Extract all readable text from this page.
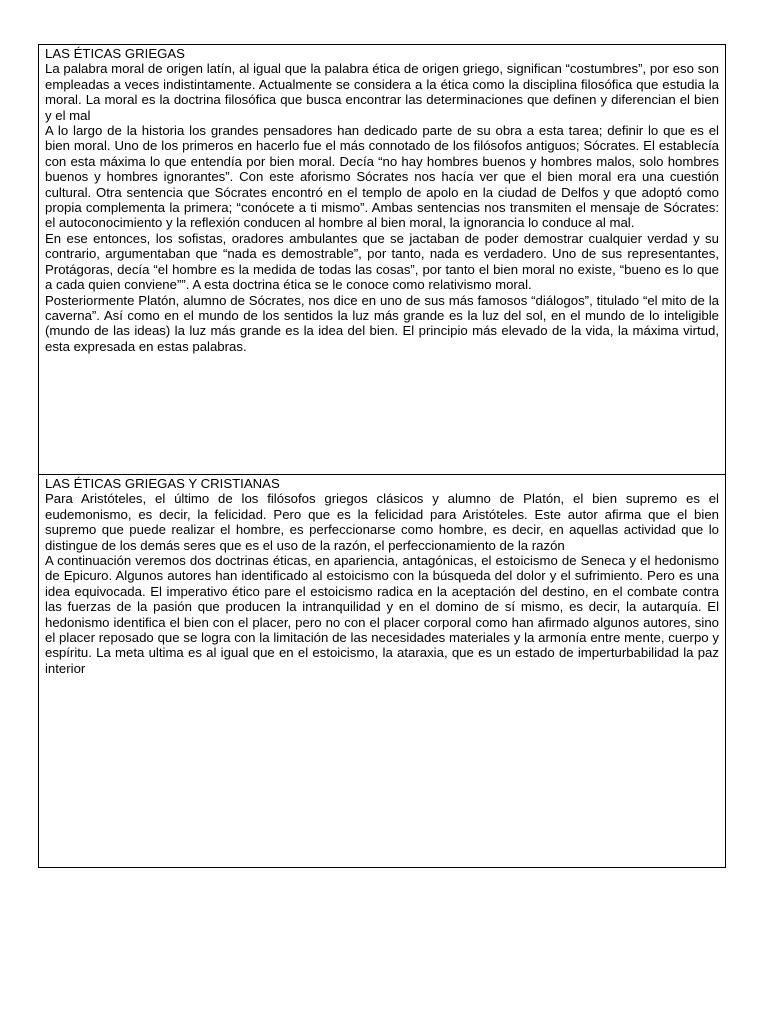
LAS ÉTICAS GRIEGAS

La palabra moral de origen latín, al igual que la palabra ética de origen griego, significan “costumbres”, por eso son empleadas a veces indistintamente. Actualmente se considera a la ética como la disciplina filosófica que estudia la moral. La moral es la doctrina filosófica que busca encontrar las determinaciones que definen y diferencian el bien y el mal

A lo largo de la historia los grandes pensadores han dedicado parte de su obra a esta tarea; definir lo que es el bien moral. Uno de los primeros en hacerlo fue el más connotado de los filósofos antiguos; Sócrates. El establecía con esta máxima lo que entendía por bien moral. Decía “no hay hombres buenos y hombres malos, solo hombres buenos y hombres ignorantes”. Con este aforismo Sócrates nos hacía ver que el bien moral era una cuestión cultural. Otra sentencia que Sócrates encontró en el templo de apolo en la ciudad de Delfos y que adoptó como propia complementa la primera; “conócete a ti mismo”. Ambas sentencias nos transmiten el mensaje de Sócrates: el autoconocimiento y la reflexión conducen al hombre al bien moral, la ignorancia lo conduce al mal.

En ese entonces, los sofistas, oradores ambulantes que se jactaban de poder demostrar cualquier verdad y su contrario, argumentaban que “nada es demostrable”, por tanto, nada es verdadero. Uno de sus representantes, Protágoras, decía “el hombre es la medida de todas las cosas”, por tanto el bien moral no existe, “bueno es lo que a cada quien conviene””. A esta doctrina ética se le conoce como relativismo moral.

Posteriormente Platón, alumno de Sócrates, nos dice en uno de sus más famosos “diálogos”, titulado “el mito de la caverna”. Así como en el mundo de los sentidos la luz más grande es la luz del sol, en el mundo de lo inteligible (mundo de las ideas) la luz más grande es la idea del bien. El principio más elevado de la vida, la máxima virtud, esta expresada en estas palabras.

LAS ÉTICAS GRIEGAS Y CRISTIANAS

Para Aristóteles, el último de los filósofos griegos clásicos y alumno de Platón, el bien supremo es el eudemonismo, es decir, la felicidad. Pero que es la felicidad para Aristóteles. Este autor afirma que el bien supremo que puede realizar el hombre, es perfeccionarse como hombre, es decir, en aquellas actividad que lo distingue de los demás seres que es el uso de la razón, el perfeccionamiento de la razón

A continuación veremos dos doctrinas éticas, en apariencia, antagónicas, el estoicismo de Seneca y el hedonismo de Epicuro. Algunos autores han identificado al estoicismo con la búsqueda del dolor y el sufrimiento. Pero es una idea equivocada. El imperativo ético pare el estoicismo radica en la aceptación del destino, en el combate contra las fuerzas de la pasión que producen la intranquilidad y en el domino de sí mismo, es decir, la autarquía. El hedonismo identifica el bien con el placer, pero no con el placer corporal como han afirmado algunos autores, sino el placer reposado que se logra con la limitación de las necesidades materiales y la armonía entre mente, cuerpo y espíritu. La meta ultima es al igual que en el estoicismo, la ataraxia, que es un estado de imperturbabilidad la paz interior
